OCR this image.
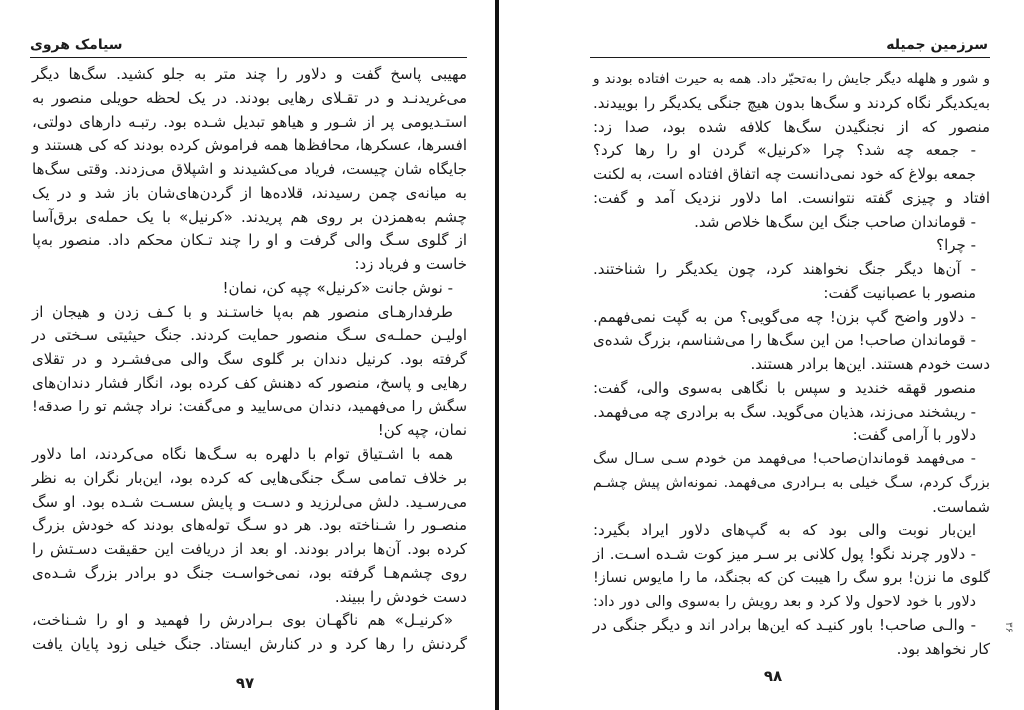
سیامک هروی
مهیبی پاسخ گفت و دلاور را چند متر به جلو کشید. سگ‌ها دیگر
می‌غریدنـد و در تقـلای رهایی بودند. در یک لحظه حویلی منصور به
استـدیومی پر از شـور و هیاهو تبدیل شـده بود. رتبـه دارهای دولتی،
افسرها، عسکرها، محافظ‌ها همه فراموش کرده بودند که کی هستند و
جایگاه شان چیست، فریاد می‌کشیدند و اشپلاق می‌زدند. وقتی سگ‌ها
به میانه‌ی چمن رسیدند، قلاده‌ها از گردن‌های‌شان باز شد و در یک
چشم به‌همزدن بر روی هم پریدند. «کرنیل» با یک حمله‌ی برق‌آسا
از گلوی سـگ والی گرفت و او را چند تـکان محکم داد. منصور به‌پا
خاست و فریاد زد:
- نوش جانت «کرنیل» چپه کن، نمان!
طرفدارهـای منصور هم به‌پا خاستـند و با کـف زدن و هیجان از
اولیـن حملـه‌ی سـگ منصور حمایت کردند. جنگ حیثیتی سـختی در
گرفته بود. کرنیل دندان بر گلوی سگ والی می‌فشـرد و در تقلای
رهایی و پاسخ، منصور که دهنش کف کرده بود، انگار فشار دندان‌های
سگش را می‌فهمید، دندان می‌سایید و می‌گفت: نراد چشم تو را صدقه!
نمان، چپه کن!
همه با اشـتیاق توام با دلهره به سـگ‌ها نگاه می‌کردند، اما دلاور
بر خلاف تمامی سـگ جنگی‌هایی که کرده بود، این‌بار نگران به نظر
می‌رسـید. دلش می‌لرزید و دسـت و پایش سسـت شـده بود. او سگ
منصـور را شـناخته بود. هر دو سـگ توله‌های بودند که خودش بزرگ
کرده بود. آن‌ها برادر بودند. او بعد از دریافت این حقیقت دسـتش را
روی چشم‌هـا گرفته بود، نمی‌خواسـت جنگ دو برادر بزرگ شـده‌ی
دست خودش را ببیند.
«کرنیـل» هم ناگهـان بوی بـرادرش را فهمید و او را شـناخت،
گردنش را رها کرد و در کنارش ایستاد. جنگ خیلی زود پایان یافت
۹۷
سرزمین جمیله
و شور و هلهله دیگر جایش را به‌تحیّر داد. همه به حیرت افتاده بودند و
به‌یکدیگر نگاه کردند و سگ‌ها بدون هیچ جنگی یکدیگر را بوییدند.
منصور که از نجنگیدن سگ‌ها کلافه شده بود، صدا زد:
- جمعه چه شد؟ چرا «کرنیل» گردن او را رها کرد؟
جمعه بولاغ که خود نمی‌دانست چه اتفاق افتاده است، به لکنت
افتاد و چیزی گفته نتوانست. اما دلاور نزدیک آمد و گفت:
- قوماندان صاحب جنگ این سگ‌ها خلاص شد.
- چرا؟
- آن‌ها دیگر جنگ نخواهند کرد، چون یکدیگر را شناختند.
منصور با عصبانیت گفت:
- دلاور واضح گپ بزن! چه می‌گویی؟ من به گپت نمی‌فهمم.
- قوماندان صاحب! من این سگ‌ها را می‌شناسم، بزرگ شده‌ی
دست خودم هستند. این‌ها برادر هستند.
منصور قهقه خندید و سپس با نگاهی به‌سوی والی، گفت:
- ریشخند می‌زند، هذیان می‌گوید. سگ به برادری چه می‌فهمد.
دلاور با آرامی گفت:
- می‌فهمد قوماندان‌صاحب! می‌فهمد من خودم سـی سـال سگ
بزرگ کردم، سـگ خیلی به بـرادری می‌فهمد. نمونه‌اش پیش چشـم
شماست.
این‌بار نوبت والی بود که به گپ‌های دلاور ایراد بگیرد:
- دلاور چرند نگو! پول کلانی بر سـر میز کوت شـده اسـت. از
گلوی ما نزن! برو سگ را هیبت کن که بجنگد، ما را مایوس نساز!
دلاور با خود لاحول ولا کرد و بعد رویش را به‌سوی والی دور داد:
- والـی صاحب! باور کنیـد که این‌ها برادر اند و دیگر جنگی در
کار نخواهد بود.
۹۸
۳۶
